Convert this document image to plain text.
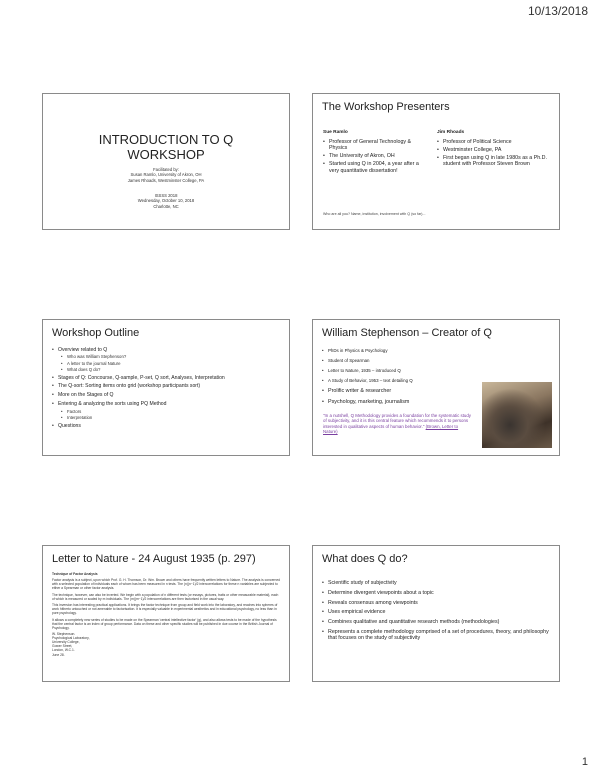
10/13/2018
INTRODUCTION TO Q
WORKSHOP
Facilitated by:
Susan Ramlo, University of Akron, OH
James Rhoads, Westminster College, PA
ISSSS 2018
Wednesday, October 10, 2018
Charlotte, NC
The Workshop Presenters
Sue Ramlo
• Professor of General Technology & Physics
• The University of Akron, OH
• Started using Q in 2004, a year after a very quantitative dissertation!
Jim Rhoads
• Professor of Political Science
• Westminster College, PA
• First began using Q in late 1980s as a Ph.D. student with Professor Steven Brown
Who are all you? Name, institution, involvement with Q (so far)...
Workshop Outline
• Overview related to Q
• Who was William Stephenson?
• A letter to the journal Nature
• What does Q do?
• Stages of Q: Concourse, Q-sample, P-set, Q sort, Analyses, Interpretation
• The Q-sort: Sorting items onto grid (workshop participants sort)
• More on the Stages of Q
• Entering & analyzing the sorts using PQ Method
• Factors
• Interpretation
• Questions
William Stephenson – Creator of Q
• PhDs in Physics & Psychology
• Student of Spearman
• Letter to Nature, 1935 – introduced Q
• A Study of Behavior, 1953 – text detailing Q
• Prolific writer & researcher
• Psychology, marketing, journalism
"In a nutshell, Q Methodology provides a foundation for the systematic study of subjectivity, and it is this central feature which recommends it to persons interested in qualitative aspects of human behavior." (Brown, Letter to Nature)
Letter to Nature - 24 August 1935 (p. 297)

Technique of Factor Analysis

Factor analysis is a subject, upon which Prof. G. H. Thomson, Dr. Wm. Brown and others have frequently written letters to Nature. The analysis is concerned with a selected population of individuals each of whom has been measured in n tests. The (n)(n−1)/2 intercorrelations for these n variables are subjected to either a Spearman or other factor analysis.

The technique, however, can also be inverted. We begin with a population of n different tests (or essays, pictures, traits or other measurable material), each of which is measured or scaled by m individuals. The (m)(m−1)/2 intercorrelations are then factorised in the usual way.

This inversion has interesting practical applications. It brings the factor technique from group and field work into the laboratory, and reaches into spheres of work hitherto untouched or not amenable to factorisation. It is especially valuable in experimental aesthetics and in educational psychology, no less than in pure psychology.

It allows a completely new series of studies to be made on the Spearman 'central intellective factor' (g), and also allows tests to be made of the hypothesis that the central factor is an index of group performance. Data on these and other specific studies will be published in due course in the British Journal of Psychology.

W. Stephenson.
Psychological Laboratory,
University College,
Gower Street,
London, W.C.1.
June 28.
What does Q do?
• Scientific study of subjectivity
• Determine divergent viewpoints about a topic
• Reveals consensus among viewpoints
• Uses empirical evidence
• Combines qualitative and quantitative research methods (methodologies)
• Represents a complete methodology comprised of a set of procedures, theory, and philosophy that focuses on the study of subjectivity
1
